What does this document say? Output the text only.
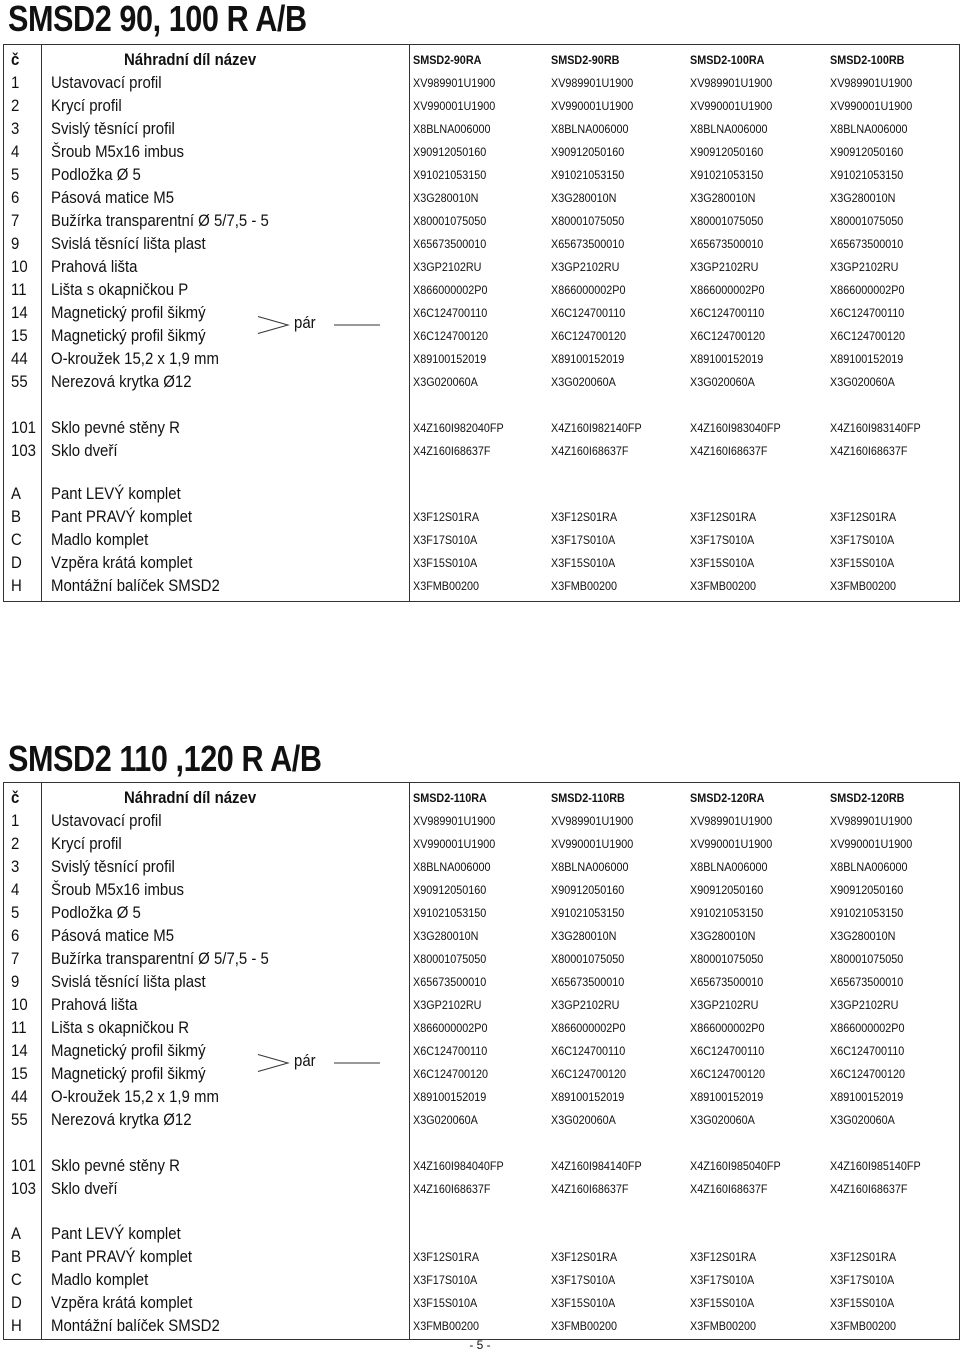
SMSD2 90, 100 R A/B
č	Náhradní díl název	SMSD2-90RA	SMSD2-90RB	SMSD2-100RA	SMSD2-100RB
1 Ustavovací profil	XV989901U1900	XV989901U1900	XV989901U1900	XV989901U1900
2 Krycí profil	XV990001U1900	XV990001U1900	XV990001U1900	XV990001U1900
3 Svislý těsnící profil	X8BLNA006000	X8BLNA006000	X8BLNA006000	X8BLNA006000
4 Šroub M5x16 imbus	X90912050160	X90912050160	X90912050160	X90912050160
5 Podložka Ø 5	X91021053150	X91021053150	X91021053150	X91021053150
6 Pásová matice M5	X3G280010N	X3G280010N	X3G280010N	X3G280010N
7 Bužírka transparentní Ø 5/7,5 - 5	X80001075050	X80001075050	X80001075050	X80001075050
9 Svislá těsnící lišta plast	X65673500010	X65673500010	X65673500010	X65673500010
10 Prahová lišta	X3GP2102RU	X3GP2102RU	X3GP2102RU	X3GP2102RU
11 Lišta s okapničkou P	X866000002P0	X866000002P0	X866000002P0	X866000002P0
14 Magnetický profil šikmý	X6C124700110	X6C124700110	X6C124700110	X6C124700110
15 Magnetický profil šikmý	X6C124700120	X6C124700120	X6C124700120	X6C124700120
44 O-kroužek 15,2 x 1,9 mm	X89100152019	X89100152019	X89100152019	X89100152019
55 Nerezová krytka Ø12	X3G020060A	X3G020060A	X3G020060A	X3G020060A
101 Sklo pevné stěny R	X4Z160I982040FP	X4Z160I982140FP	X4Z160I983040FP	X4Z160I983140FP
103 Sklo dveří	X4Z160I68637F	X4Z160I68637F	X4Z160I68637F	X4Z160I68637F
A Pant LEVÝ komplet
B Pant PRAVÝ komplet	X3F12S01RA	X3F12S01RA	X3F12S01RA	X3F12S01RA
C Madlo komplet	X3F17S010A	X3F17S010A	X3F17S010A	X3F17S010A
D Vzpěra krátá komplet	X3F15S010A	X3F15S010A	X3F15S010A	X3F15S010A
H Montážní balíček SMSD2	X3FMB00200	X3FMB00200	X3FMB00200	X3FMB00200
pár
SMSD2 110 ,120 R A/B
č	Náhradní díl název	SMSD2-110RA	SMSD2-110RB	SMSD2-120RA	SMSD2-120RB
1 Ustavovací profil	XV989901U1900	XV989901U1900	XV989901U1900	XV989901U1900
2 Krycí profil	XV990001U1900	XV990001U1900	XV990001U1900	XV990001U1900
3 Svislý těsnící profil	X8BLNA006000	X8BLNA006000	X8BLNA006000	X8BLNA006000
4 Šroub M5x16 imbus	X90912050160	X90912050160	X90912050160	X90912050160
5 Podložka Ø 5	X91021053150	X91021053150	X91021053150	X91021053150
6 Pásová matice M5	X3G280010N	X3G280010N	X3G280010N	X3G280010N
7 Bužírka transparentní Ø 5/7,5 - 5	X80001075050	X80001075050	X80001075050	X80001075050
9 Svislá těsnící lišta plast	X65673500010	X65673500010	X65673500010	X65673500010
10 Prahová lišta	X3GP2102RU	X3GP2102RU	X3GP2102RU	X3GP2102RU
11 Lišta s okapničkou R	X866000002P0	X866000002P0	X866000002P0	X866000002P0
14 Magnetický profil šikmý	X6C124700110	X6C124700110	X6C124700110	X6C124700110
15 Magnetický profil šikmý	X6C124700120	X6C124700120	X6C124700120	X6C124700120
44 O-kroužek 15,2 x 1,9 mm	X89100152019	X89100152019	X89100152019	X89100152019
55 Nerezová krytka Ø12	X3G020060A	X3G020060A	X3G020060A	X3G020060A
101 Sklo pevné stěny R	X4Z160I984040FP	X4Z160I984140FP	X4Z160I985040FP	X4Z160I985140FP
103 Sklo dveří	X4Z160I68637F	X4Z160I68637F	X4Z160I68637F	X4Z160I68637F
A Pant LEVÝ komplet
B Pant PRAVÝ komplet	X3F12S01RA	X3F12S01RA	X3F12S01RA	X3F12S01RA
C Madlo komplet	X3F17S010A	X3F17S010A	X3F17S010A	X3F17S010A
D Vzpěra krátá komplet	X3F15S010A	X3F15S010A	X3F15S010A	X3F15S010A
H Montážní balíček SMSD2	X3FMB00200	X3FMB00200	X3FMB00200	X3FMB00200
pár
- 5 -
